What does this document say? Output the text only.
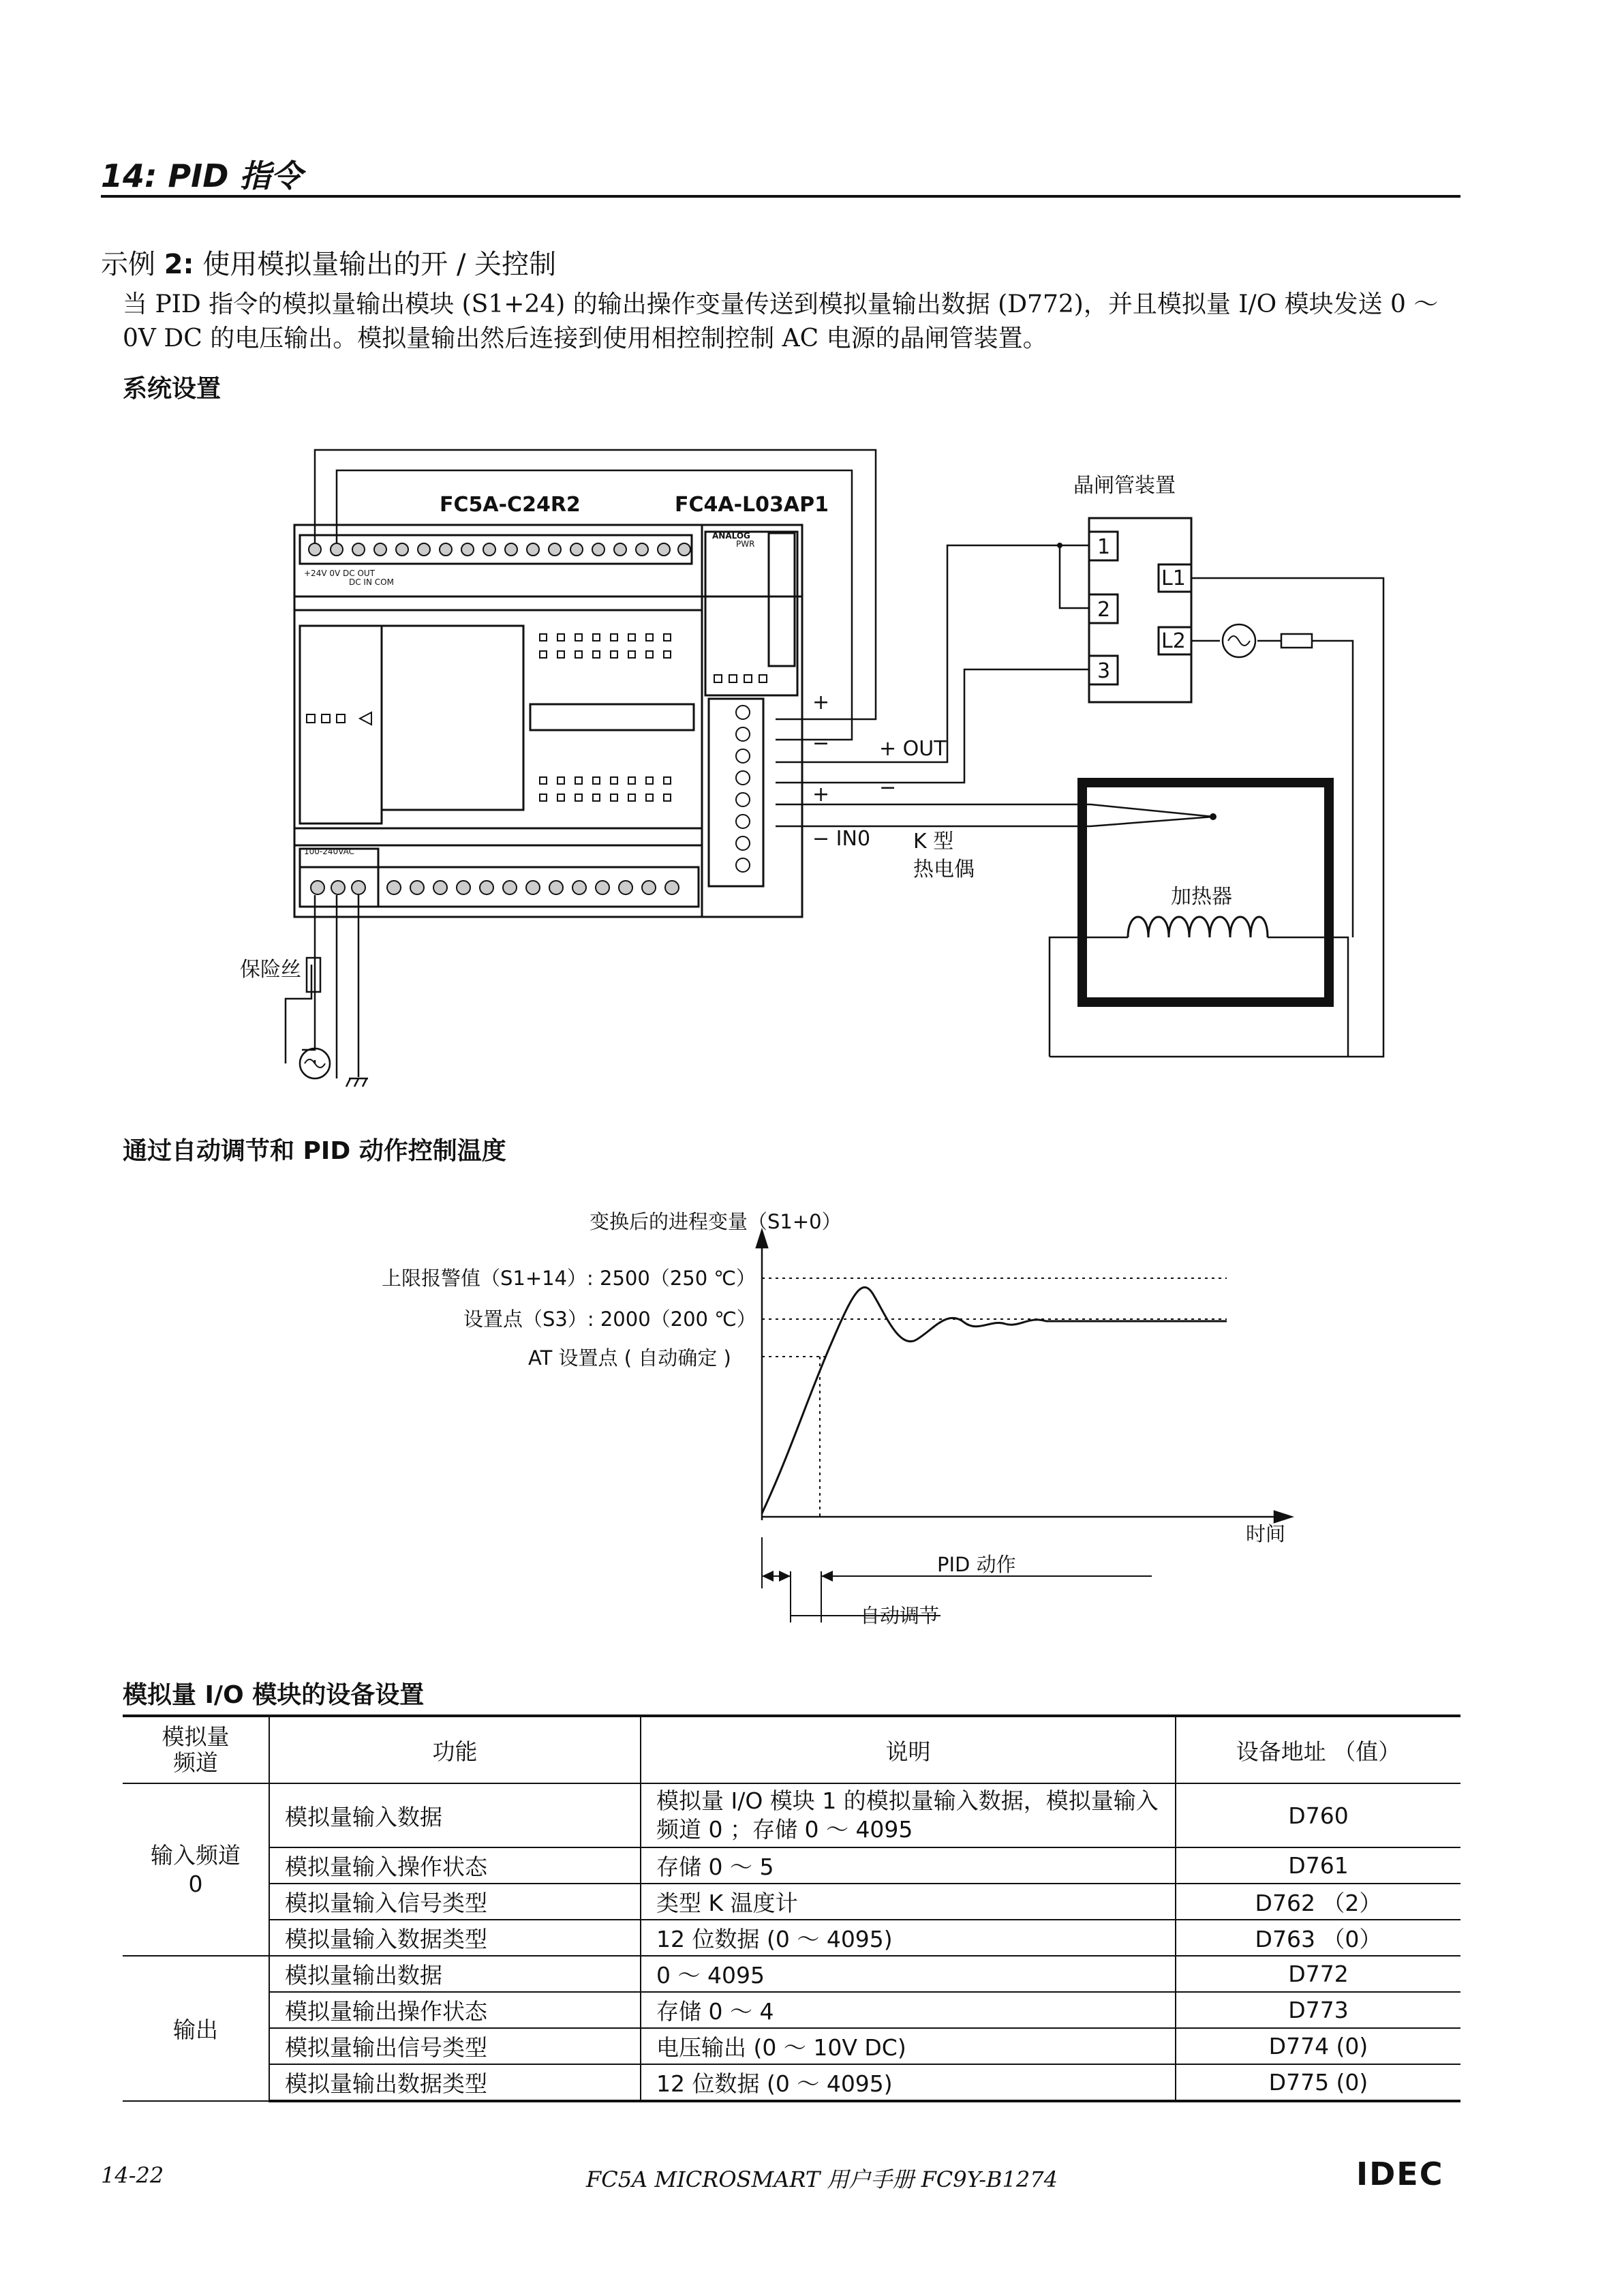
14: PID 指令
示例 2: 使用模拟量输出的开 / 关控制
当 PID 指令的模拟量输出模块 (S1+24) 的输出操作变量传送到模拟量输出数据 (D772)，并且模拟量 I/O 模块发送 0 ～ 0V DC 的电压输出。模拟量输出然后连接到使用相控制控制 AC 电源的晶闸管装置。
系统设置
FC5A-C24R2	FC4A-L03AP1
晶闸管装置
1
2
3
L1
L2
+
− + OUT
−
+
− IN0 K 型
热电偶
加热器
保险丝
ANALOG
PWR
+24V 0V DC OUT
DC IN COM
100-240VAC
通过自动调节和 PID 动作控制温度
变换后的进程变量（S1+0）
上限报警值（S1+14）: 2500（250 ℃）
设置点（S3）: 2000（200 ℃）
AT 设置点 ( 自动确定 )
时间
PID 动作
自动调节
模拟量 I/O 模块的设备设置
模拟量
频道	功能	说明	设备地址 （值）
输入频道
0	模拟量输入数据	模拟量 I/O 模块 1 的模拟量输入数据，模拟量输入频道 0 ；存储 0 ～ 4095	D760
	模拟量输入操作状态	存储 0 ～ 5	D761
	模拟量输入信号类型	类型 K 温度计	D762 （2）
	模拟量输入数据类型	12 位数据 (0 ～ 4095)	D763 （0）
输出	模拟量输出数据	0 ～ 4095	D772
	模拟量输出操作状态	存储 0 ～ 4	D773
	模拟量输出信号类型	电压输出 (0 ～ 10V DC)	D774 (0)
	模拟量输出数据类型	12 位数据 (0 ～ 4095)	D775 (0)
14-22	FC5A MICROSMART 用户手册 FC9Y-B1274	IDEC
